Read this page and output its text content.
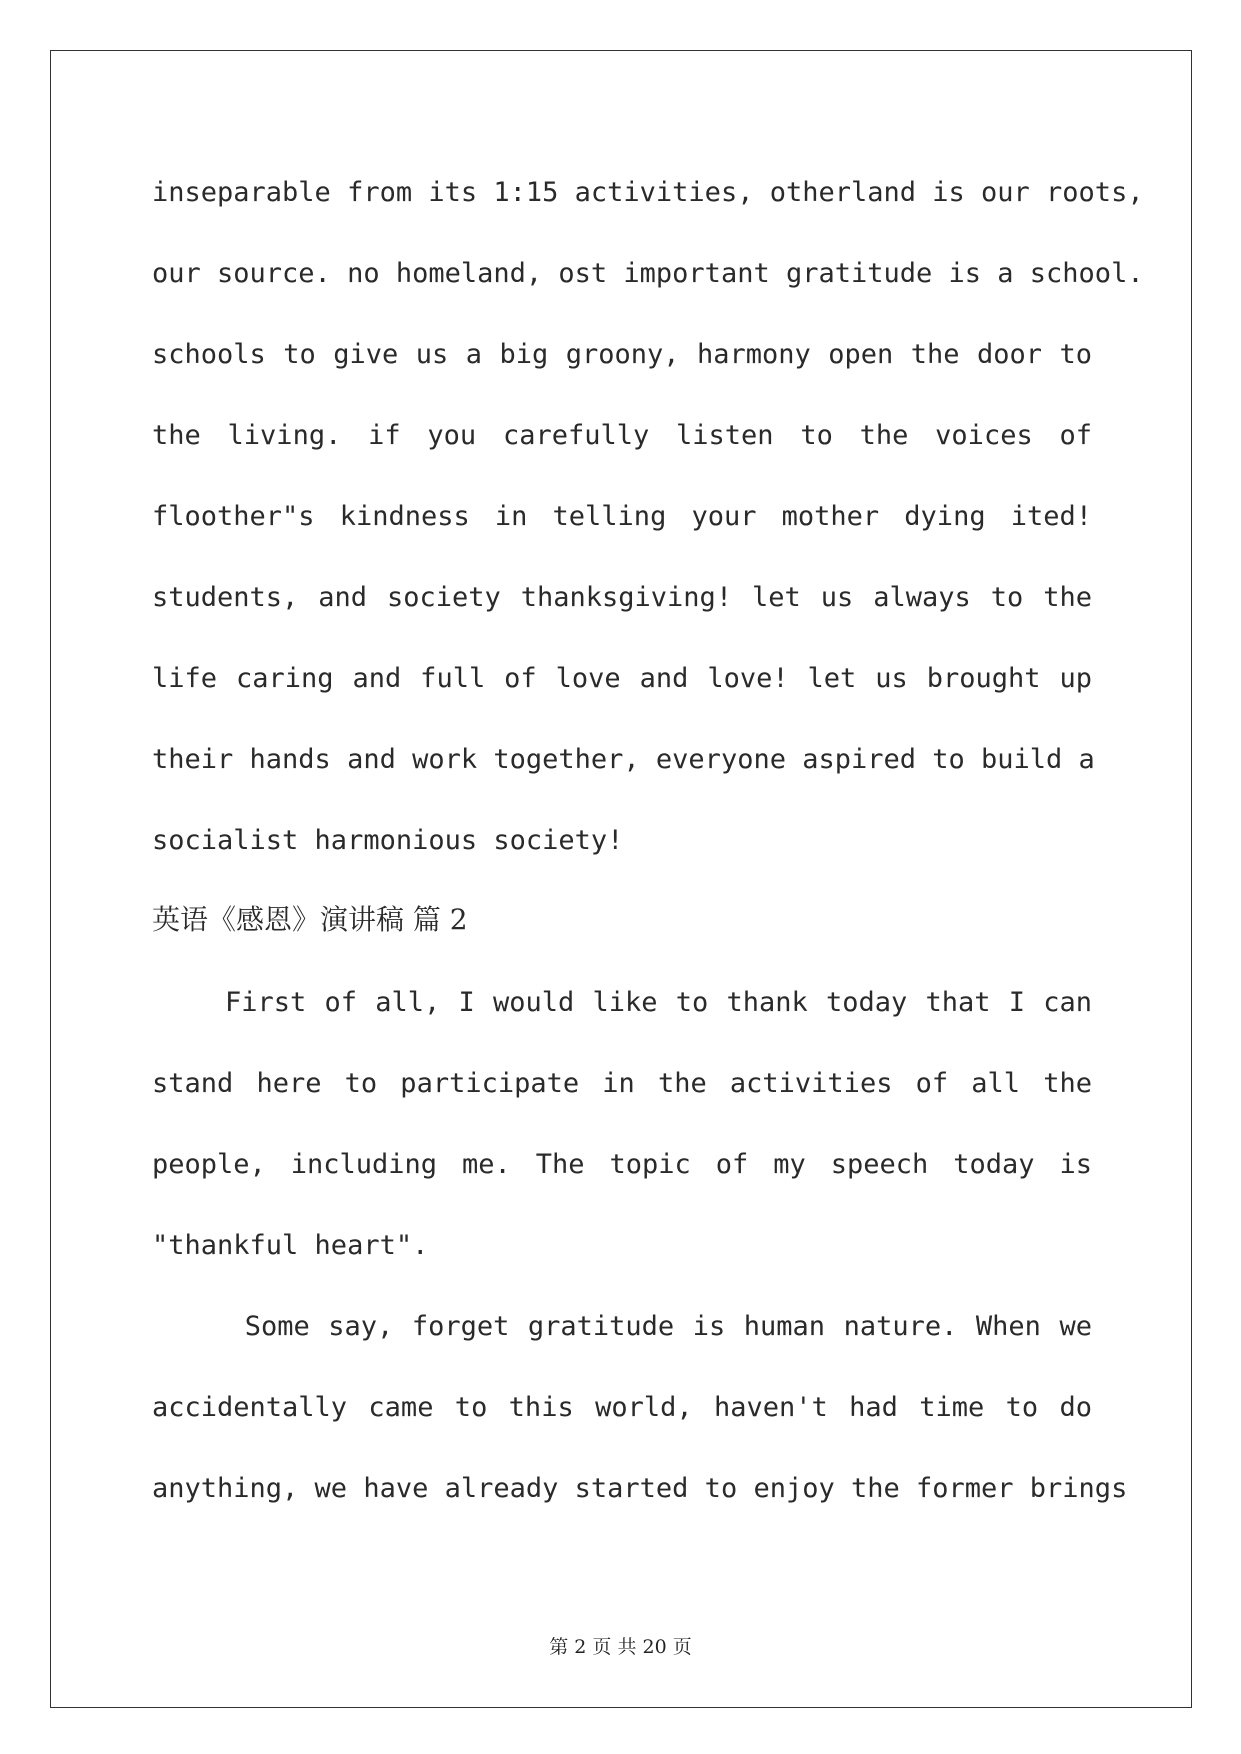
inseparable from its 1:15 activities, otherland is our roots,
our source. no homeland, ost important gratitude is a school.
schools to give us a big groony, harmony open the door to
the living. if you carefully listen to the voices of
floother"s kindness in telling your mother dying ited!
students, and society thanksgiving! let us always to the
life caring and full of love and love! let us brought up
their hands and work together, everyone aspired to build a
socialist harmonious society!
英语《感恩》演讲稿 篇 2
First of all, I would like to thank today that I can
stand here to participate in the activities of all the
people, including me. The topic of my speech today is
"thankful heart".
Some say, forget gratitude is human nature. When we
accidentally came to this world, haven't had time to do
anything, we have already started to enjoy the former brings
第 2 页 共 20 页
